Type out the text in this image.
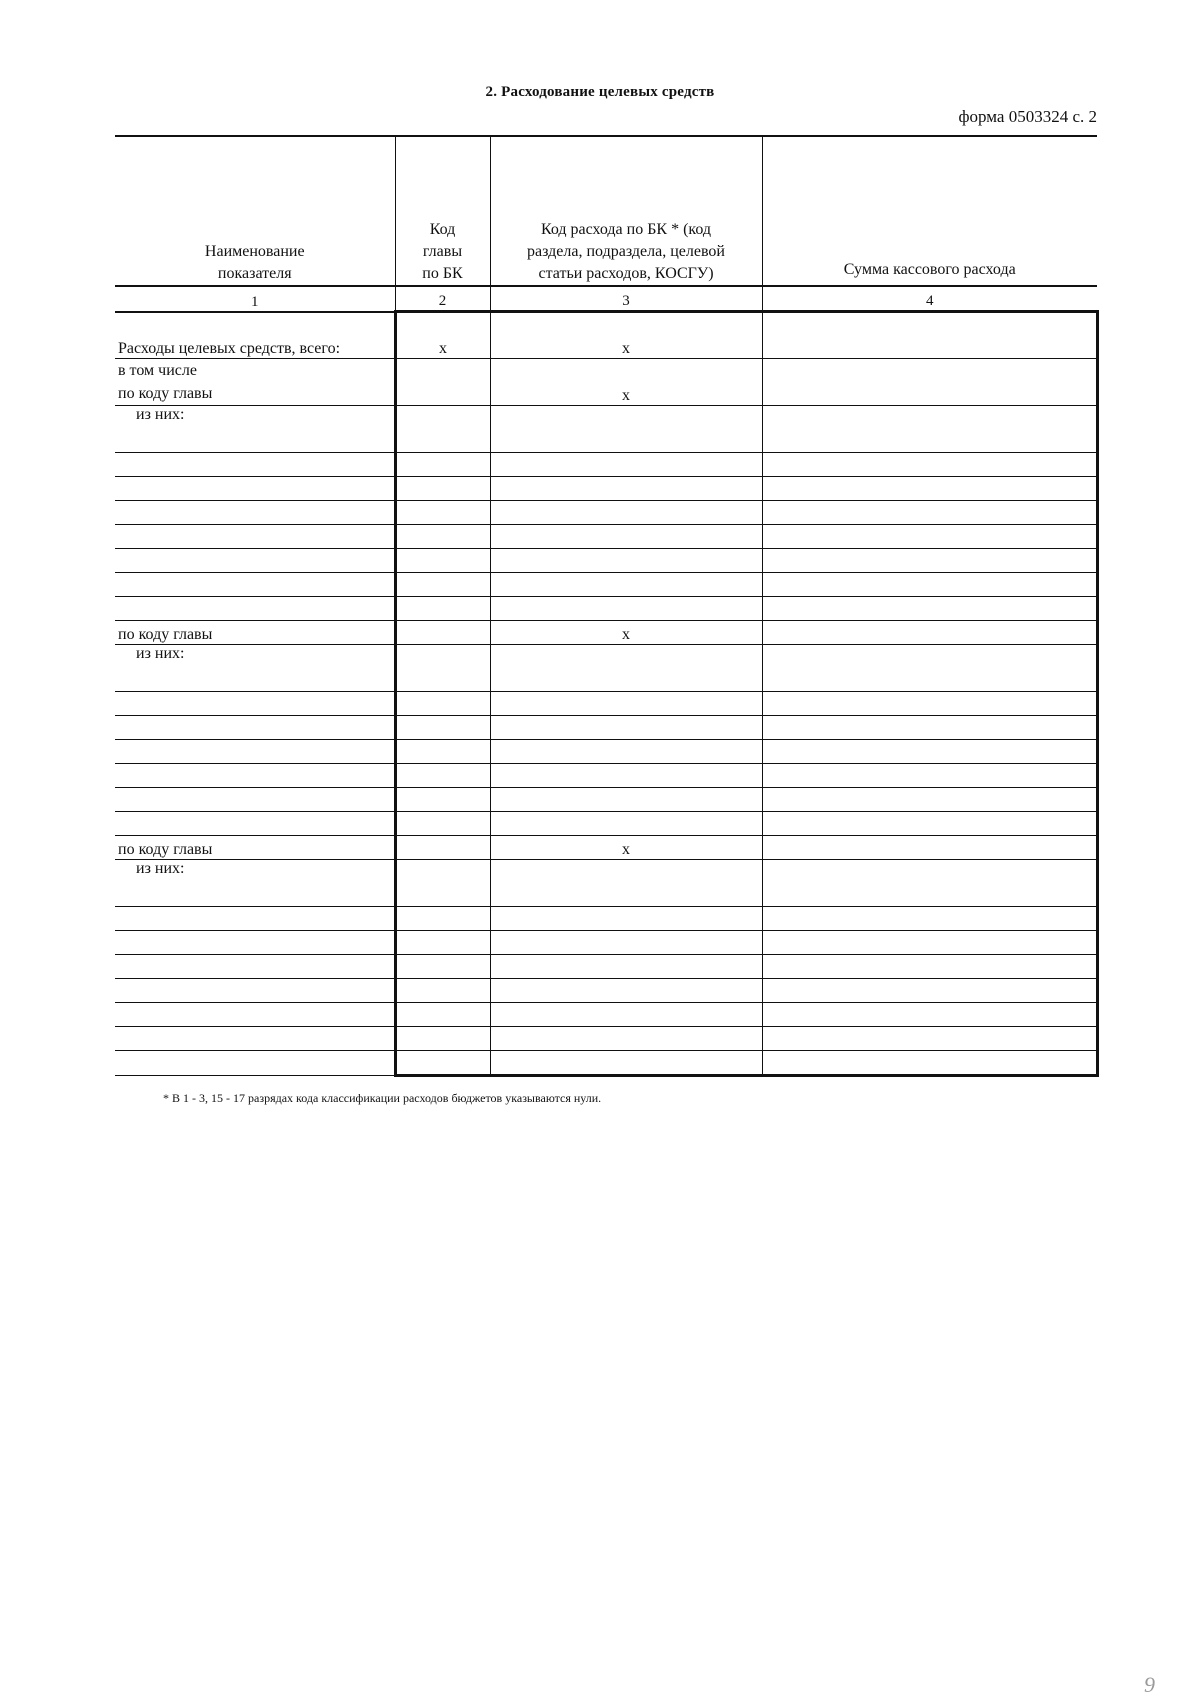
2. Расходование целевых средств
форма 0503324 с. 2
Наименование показателя	Код главы по БК	Код расхода по БК * (код раздела, подраздела, целевой статьи расходов, КОСГУ)	Сумма кассового расхода

1	2	3	4
Расходы целевых средств, всего:	x	x	

в том числе
по коду главы		x	
из них:			

по коду главы		x	
из них:			

по коду главы		x	
из них:			

* В 1 - 3, 15 - 17 разрядах кода классификации расходов бюджетов указываются нули.
9
